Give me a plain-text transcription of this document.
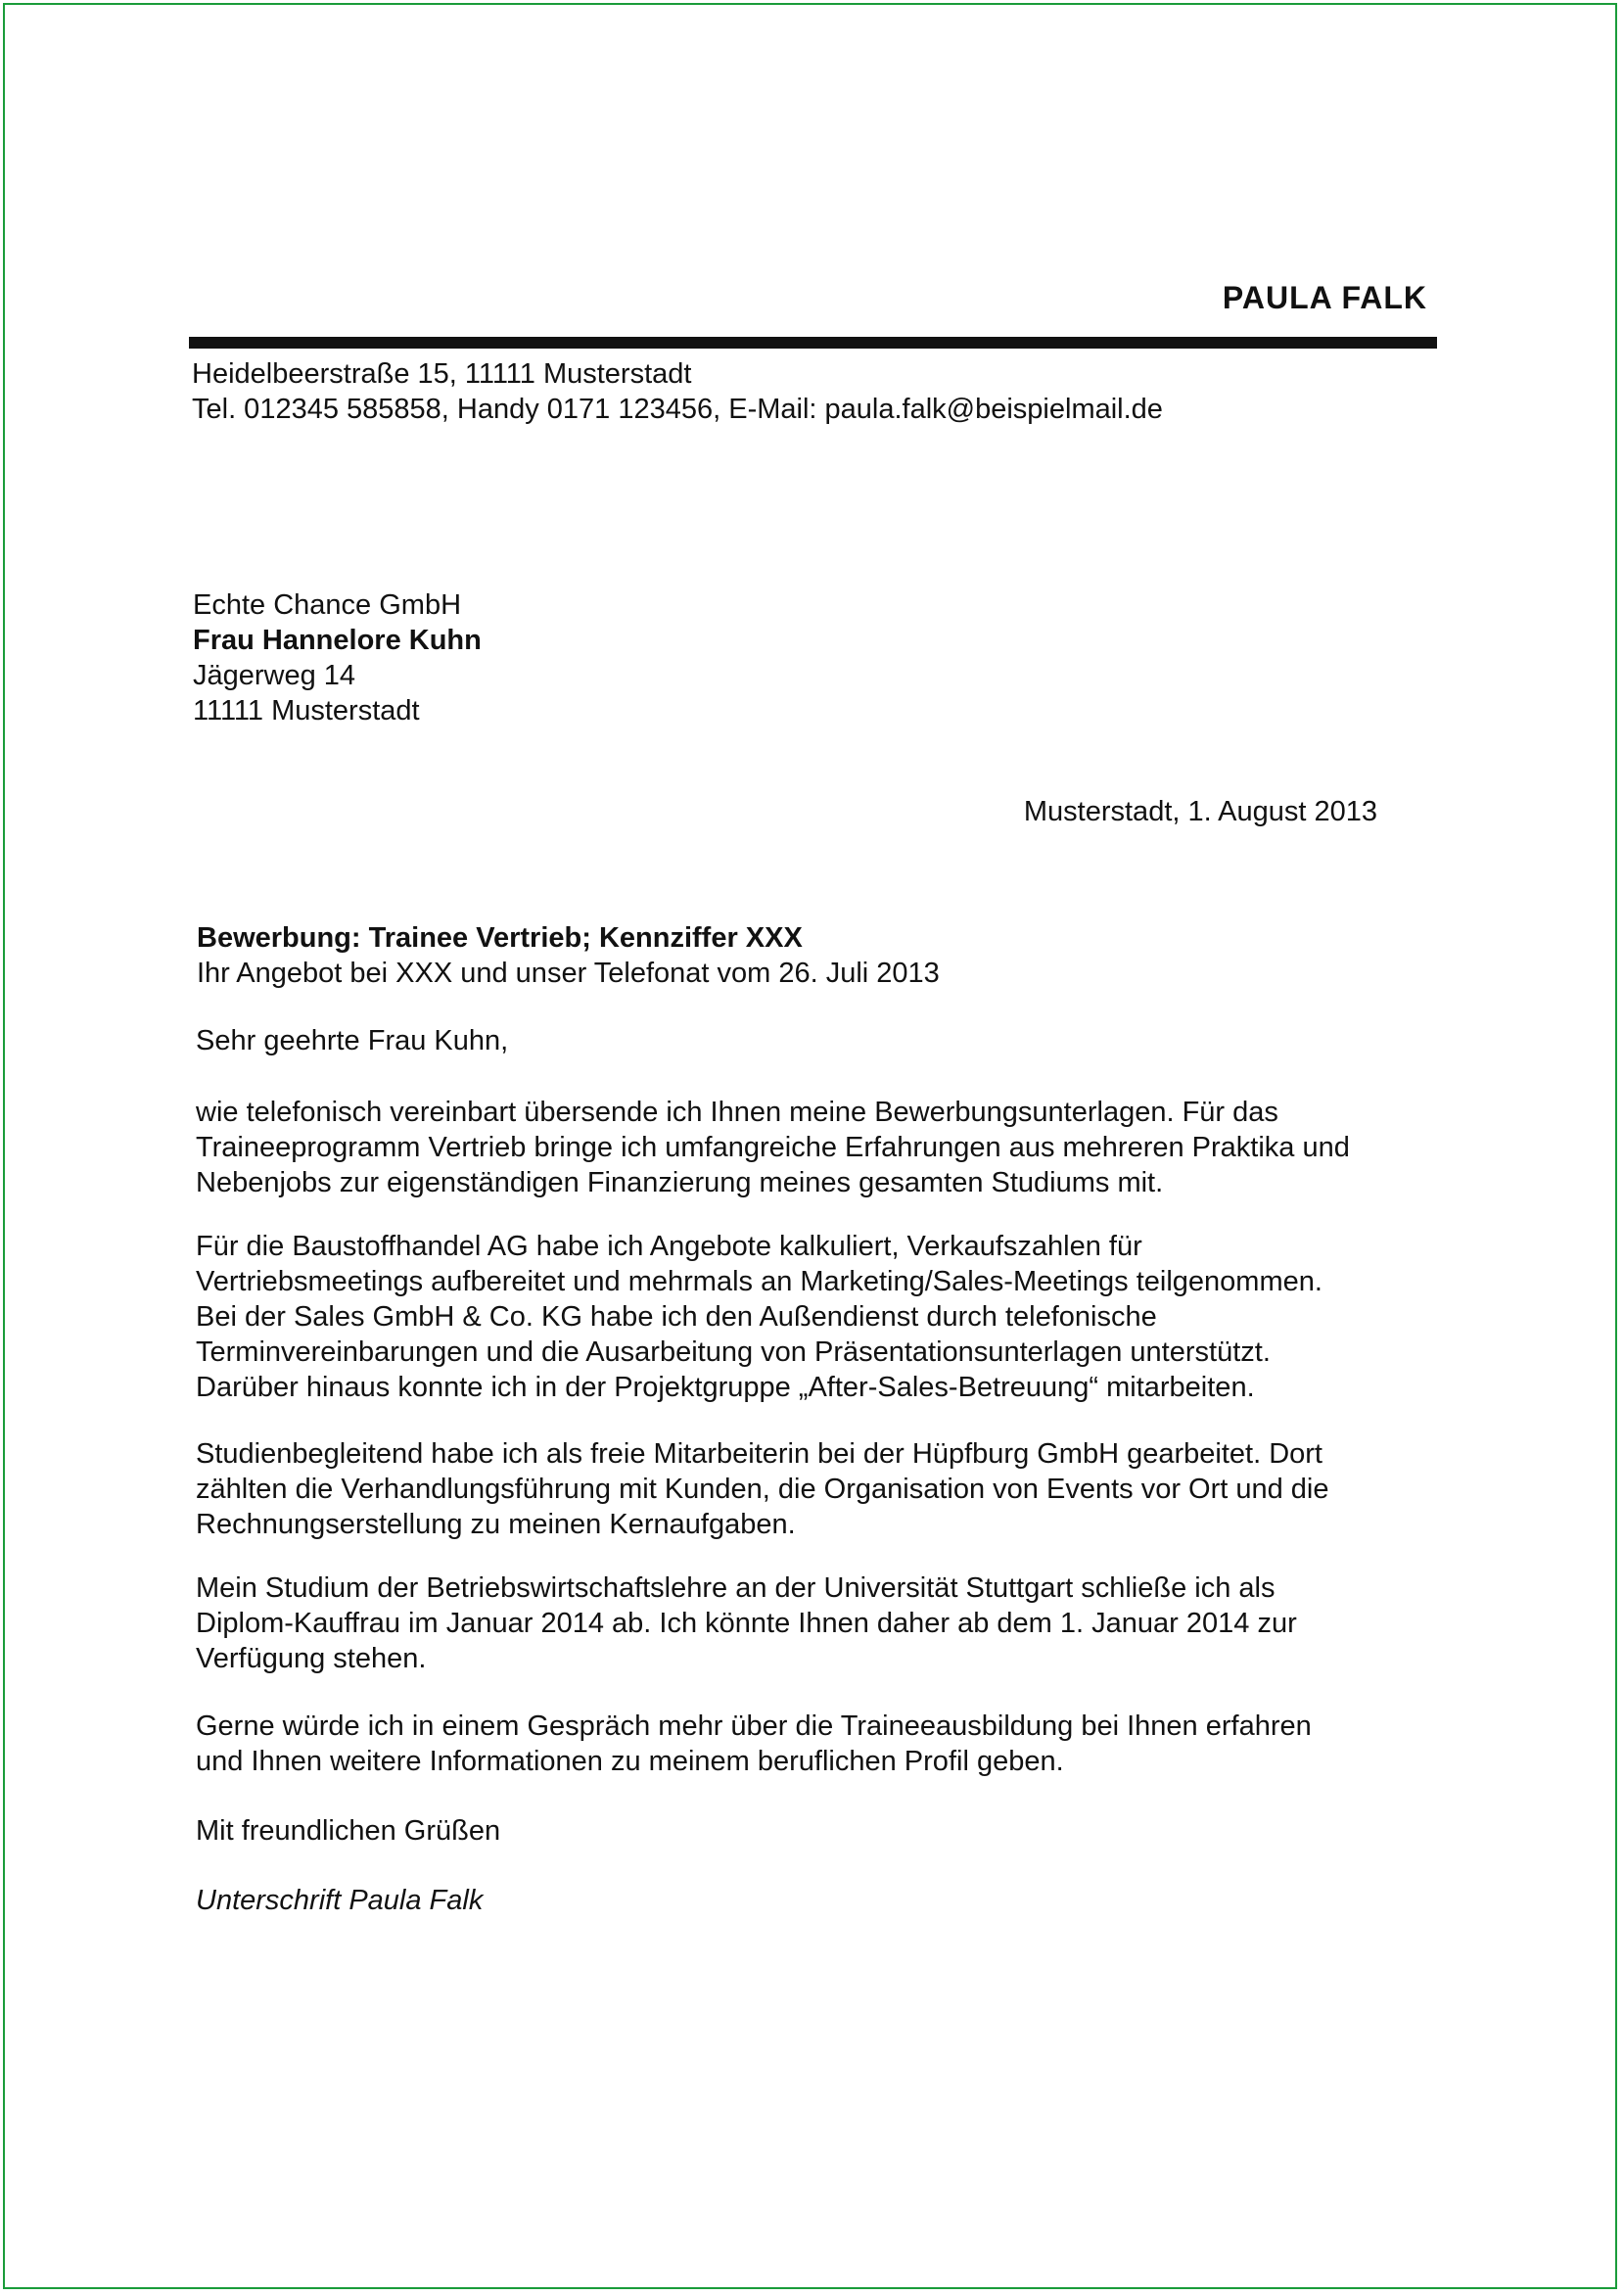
PAULA FALK
Heidelbeerstraße 15, 11111 Musterstadt
Tel. 012345 585858, Handy 0171 123456, E-Mail: paula.falk@beispielmail.de
Echte Chance GmbH
Frau Hannelore Kuhn
Jägerweg 14
11111 Musterstadt
Musterstadt, 1. August 2013
Bewerbung: Trainee Vertrieb; Kennziffer XXX
Ihr Angebot bei XXX und unser Telefonat vom 26. Juli 2013
Sehr geehrte Frau Kuhn,
wie telefonisch vereinbart übersende ich Ihnen meine Bewerbungsunterlagen. Für das
Traineeprogramm Vertrieb bringe ich umfangreiche Erfahrungen aus mehreren Praktika und
Nebenjobs zur eigenständigen Finanzierung meines gesamten Studiums mit.
Für die Baustoffhandel AG habe ich Angebote kalkuliert, Verkaufszahlen für
Vertriebsmeetings aufbereitet und mehrmals an Marketing/Sales-Meetings teilgenommen.
Bei der Sales GmbH & Co. KG habe ich den Außendienst durch telefonische
Terminvereinbarungen und die Ausarbeitung von Präsentationsunterlagen unterstützt.
Darüber hinaus konnte ich in der Projektgruppe „After-Sales-Betreuung“ mitarbeiten.
Studienbegleitend habe ich als freie Mitarbeiterin bei der Hüpfburg GmbH gearbeitet. Dort
zählten die Verhandlungsführung mit Kunden, die Organisation von Events vor Ort und die
Rechnungserstellung zu meinen Kernaufgaben.
Mein Studium der Betriebswirtschaftslehre an der Universität Stuttgart schließe ich als
Diplom-Kauffrau im Januar 2014 ab. Ich könnte Ihnen daher ab dem 1. Januar 2014 zur
Verfügung stehen.
Gerne würde ich in einem Gespräch mehr über die Traineeausbildung bei Ihnen erfahren
und Ihnen weitere Informationen zu meinem beruflichen Profil geben.
Mit freundlichen Grüßen
Unterschrift Paula Falk
